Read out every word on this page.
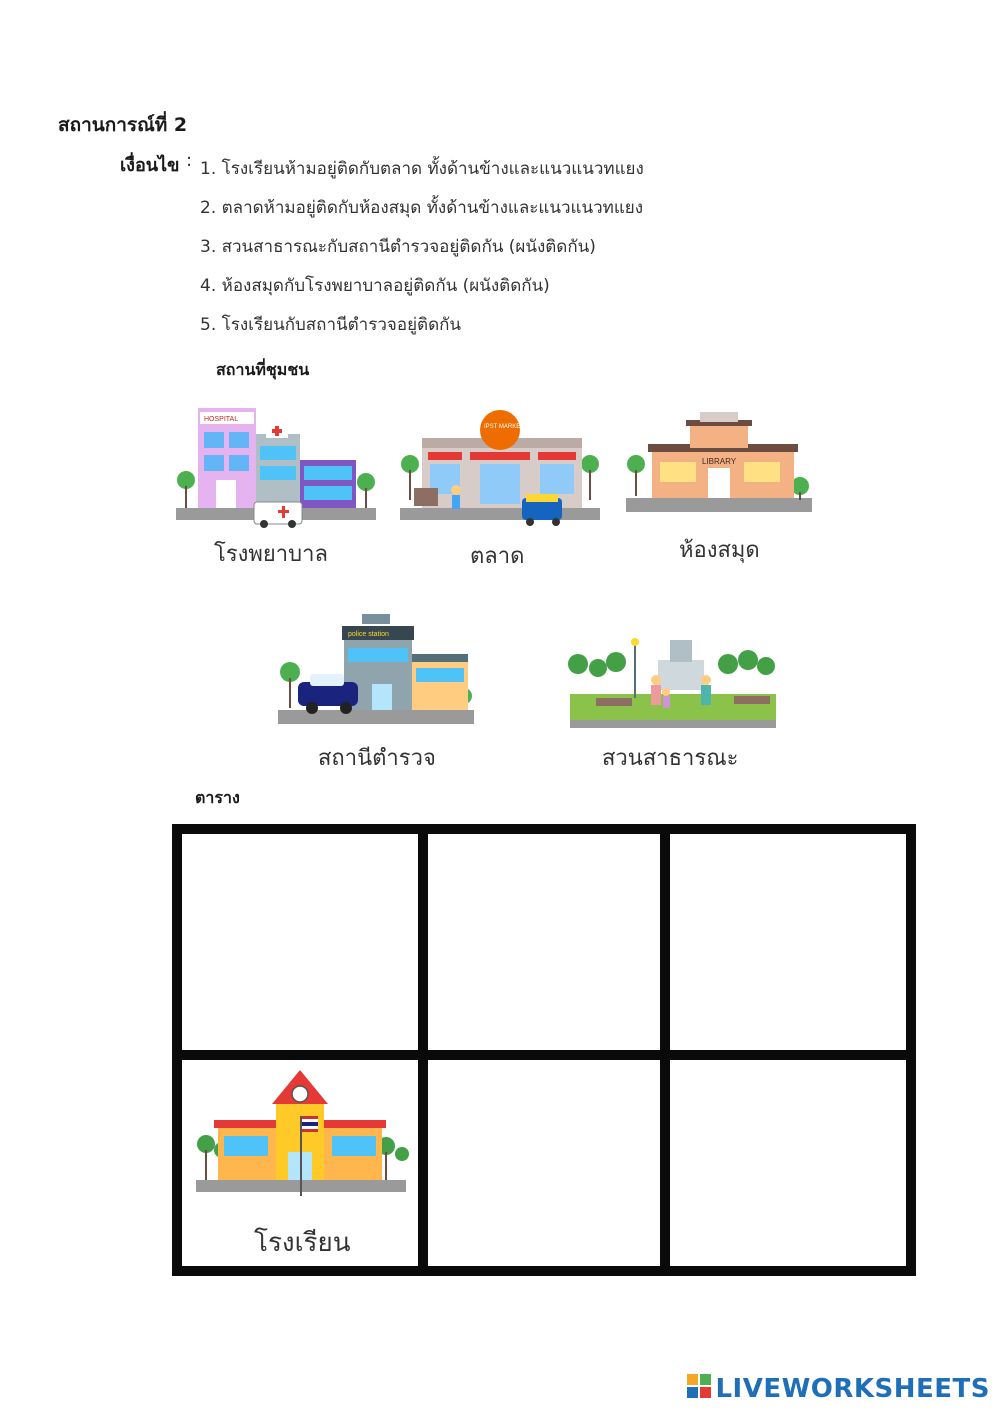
สถานการณ์ที่ 2
เงื่อนไข : 1. โรงเรียนห้ามอยู่ติดกับตลาด ทั้งด้านข้างและแนวแนวทแยง
2. ตลาดห้ามอยู่ติดกับห้องสมุด ทั้งด้านข้างและแนวแนวทแยง
3. สวนสาธารณะกับสถานีตำรวจอยู่ติดกัน (ผนังติดกัน)
4. ห้องสมุดกับโรงพยาบาลอยู่ติดกัน (ผนังติดกัน)
5. โรงเรียนกับสถานีตำรวจอยู่ติดกัน
สถานที่ชุมชน
HOSPITAL
โรงพยาบาล
IPST MARKET
ตลาด
LIBRARY
ห้องสมุด
police station
สถานีตำรวจ	สวนสาธารณะ
ตาราง
โรงเรียน
LIVEWORKSHEETS
